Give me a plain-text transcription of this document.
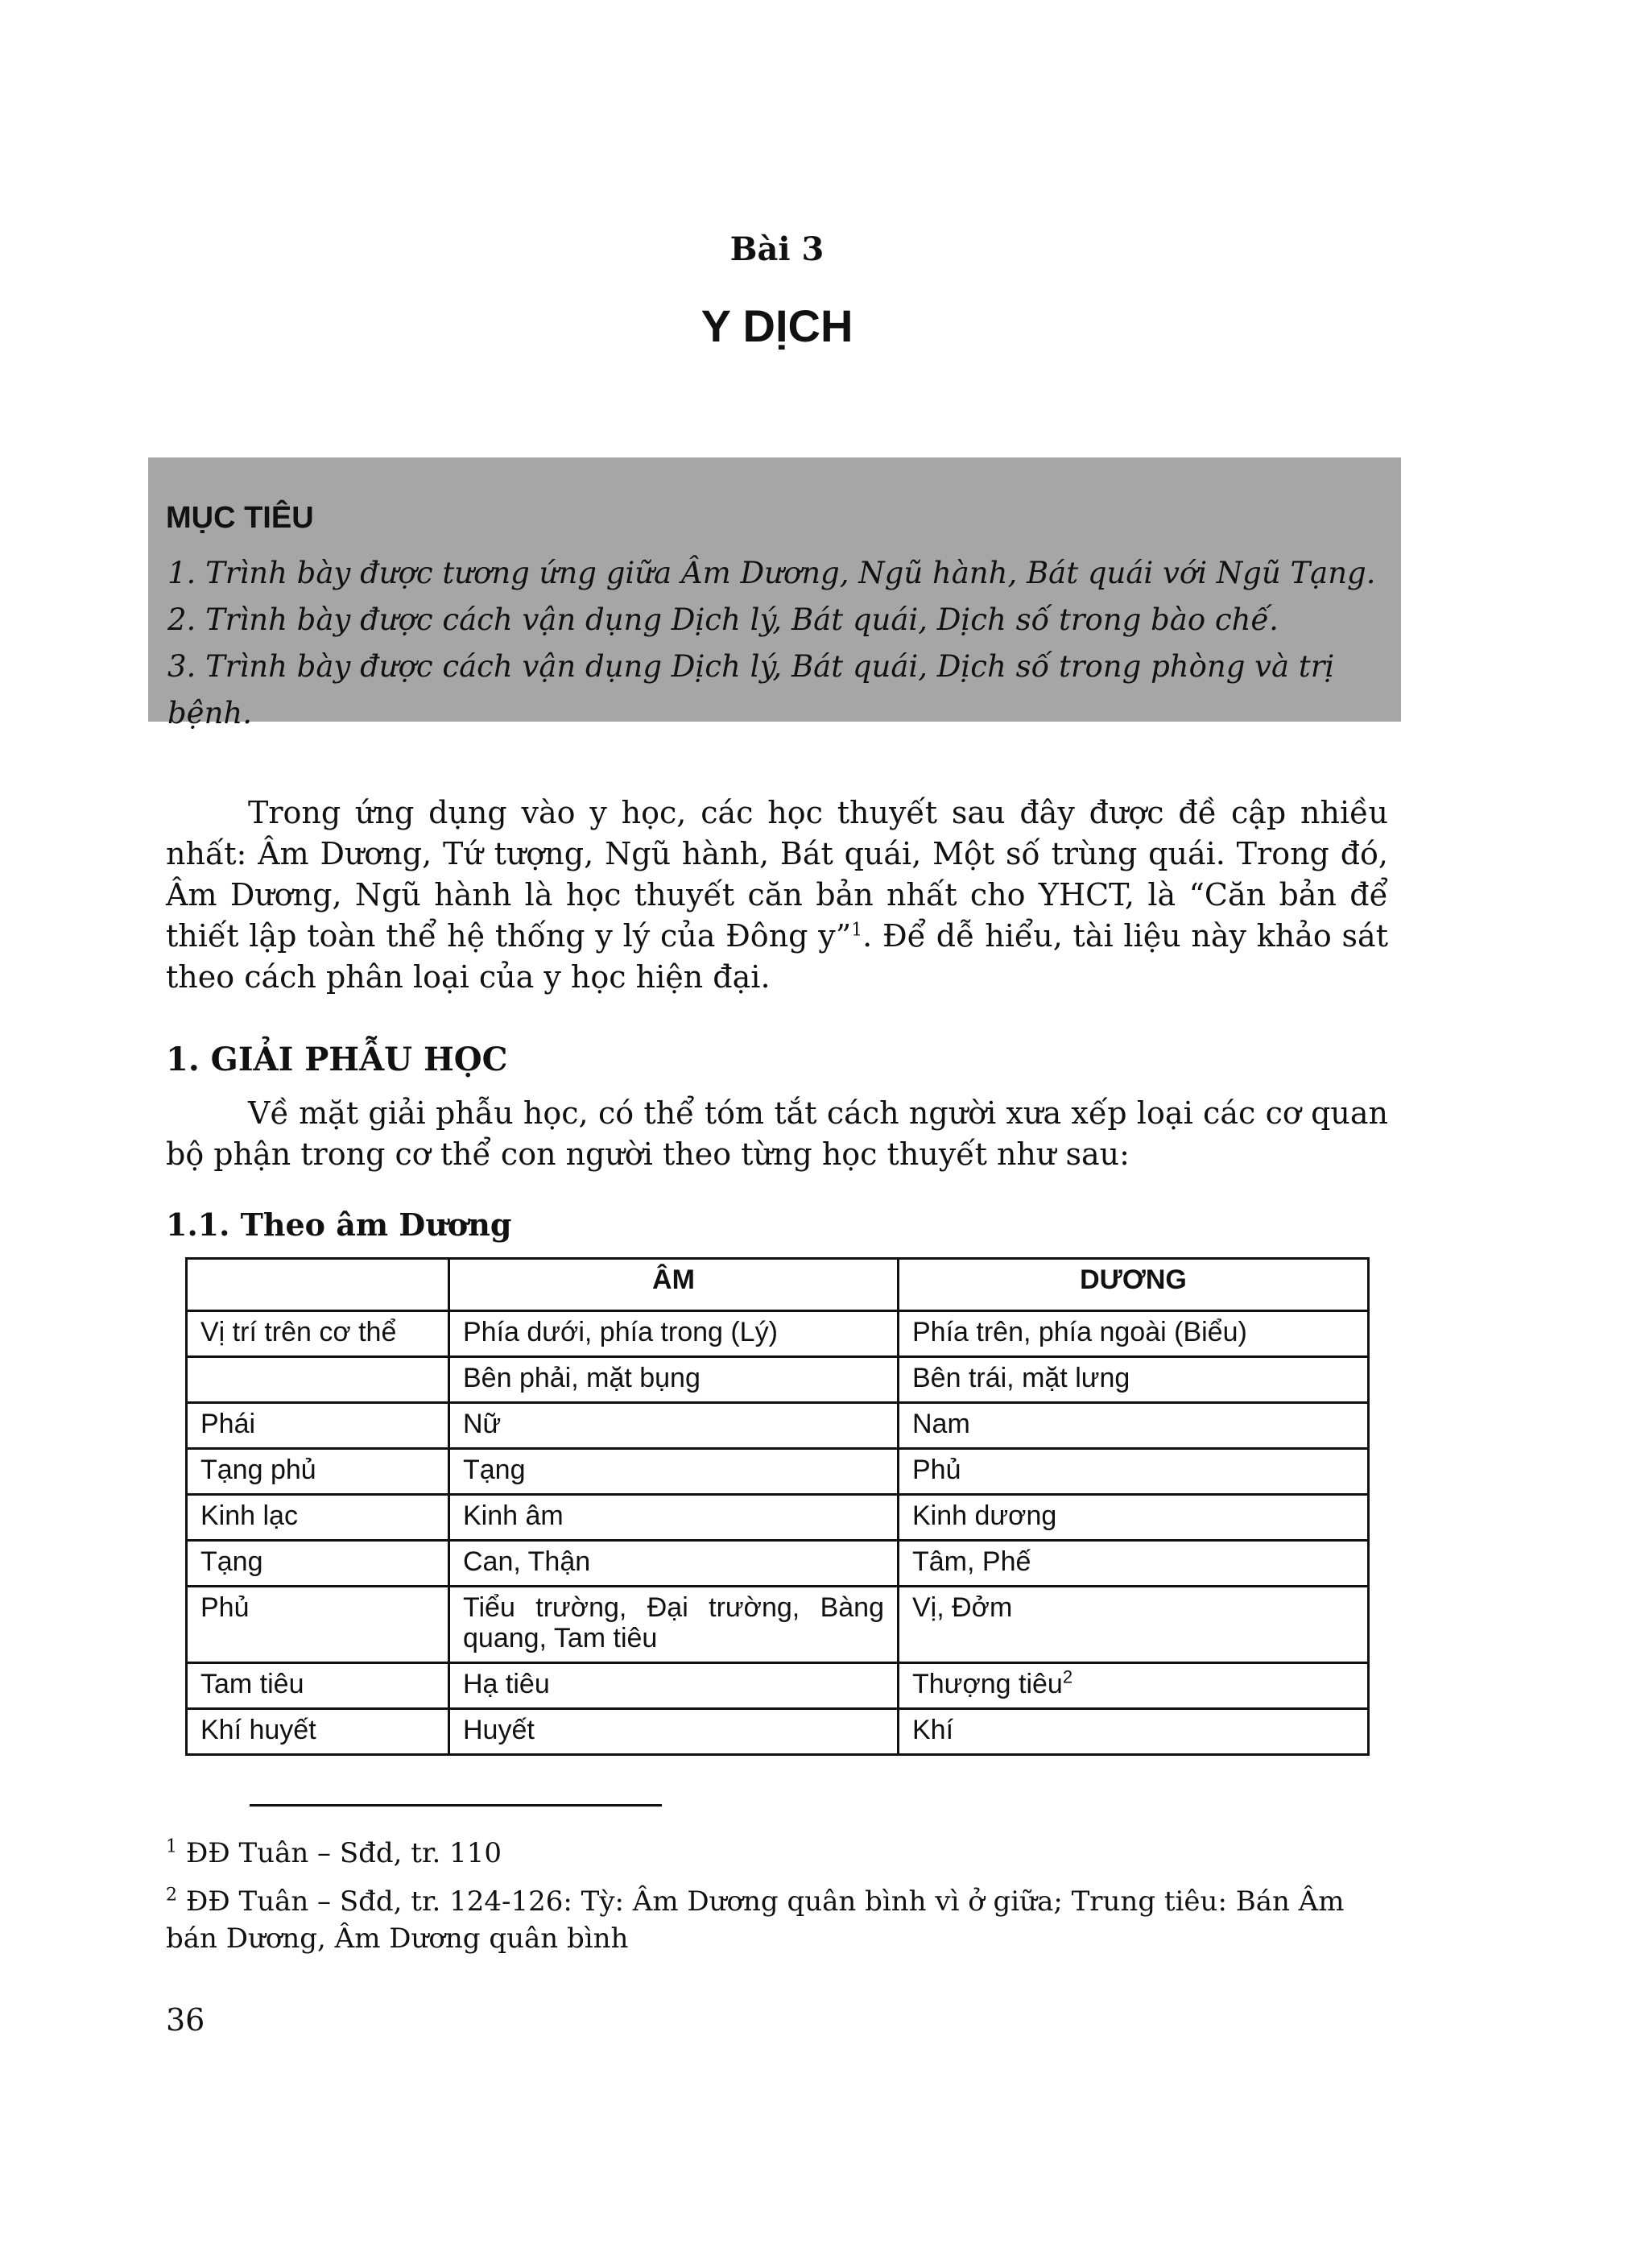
Bài 3
Y DỊCH
MỤC TIÊU
1. Trình bày được tương ứng giữa Âm Dương, Ngũ hành, Bát quái với Ngũ Tạng.
2. Trình bày được cách vận dụng Dịch lý, Bát quái, Dịch số trong bào chế.
3. Trình bày được cách vận dụng Dịch lý, Bát quái, Dịch số trong phòng và trị bệnh.

Trong ứng dụng vào y học, các học thuyết sau đây được đề cập nhiều nhất: Âm Dương, Tứ tượng, Ngũ hành, Bát quái, Một số trùng quái. Trong đó, Âm Dương, Ngũ hành là học thuyết căn bản nhất cho YHCT, là “Căn bản để thiết lập toàn thể hệ thống y lý của Đông y”$^1$. Để dễ hiểu, tài liệu này khảo sát theo cách phân loại của y học hiện đại.

1. GIẢI PHẪU HỌC

Về mặt giải phẫu học, có thể tóm tắt cách người xưa xếp loại các cơ quan bộ phận trong cơ thể con người theo từng học thuyết như sau:

1.1. Theo âm Dương
	ÂM	DƯƠNG
Vị trí trên cơ thể	Phía dưới, phía trong (Lý)	Phía trên, phía ngoài (Biểu)
	Bên phải, mặt bụng	Bên trái, mặt lưng
Phái	Nữ	Nam
Tạng phủ	Tạng	Phủ
Kinh lạc	Kinh âm	Kinh dương
Tạng	Can, Thận	Tâm, Phế
Phủ	Tiểu trường, Đại trường, Bàng quang, Tam tiêu	Vị, Đởm
Tam tiêu	Hạ tiêu	Thượng tiêu$^2$
Khí huyết	Huyết	Khí
$^1$ ĐĐ Tuân – Sđd, tr. 110
$^2$ ĐĐ Tuân – Sđd, tr. 124-126: Tỳ: Âm Dương quân bình vì ở giữa; Trung tiêu: Bán Âm bán Dương, Âm Dương quân bình
36
